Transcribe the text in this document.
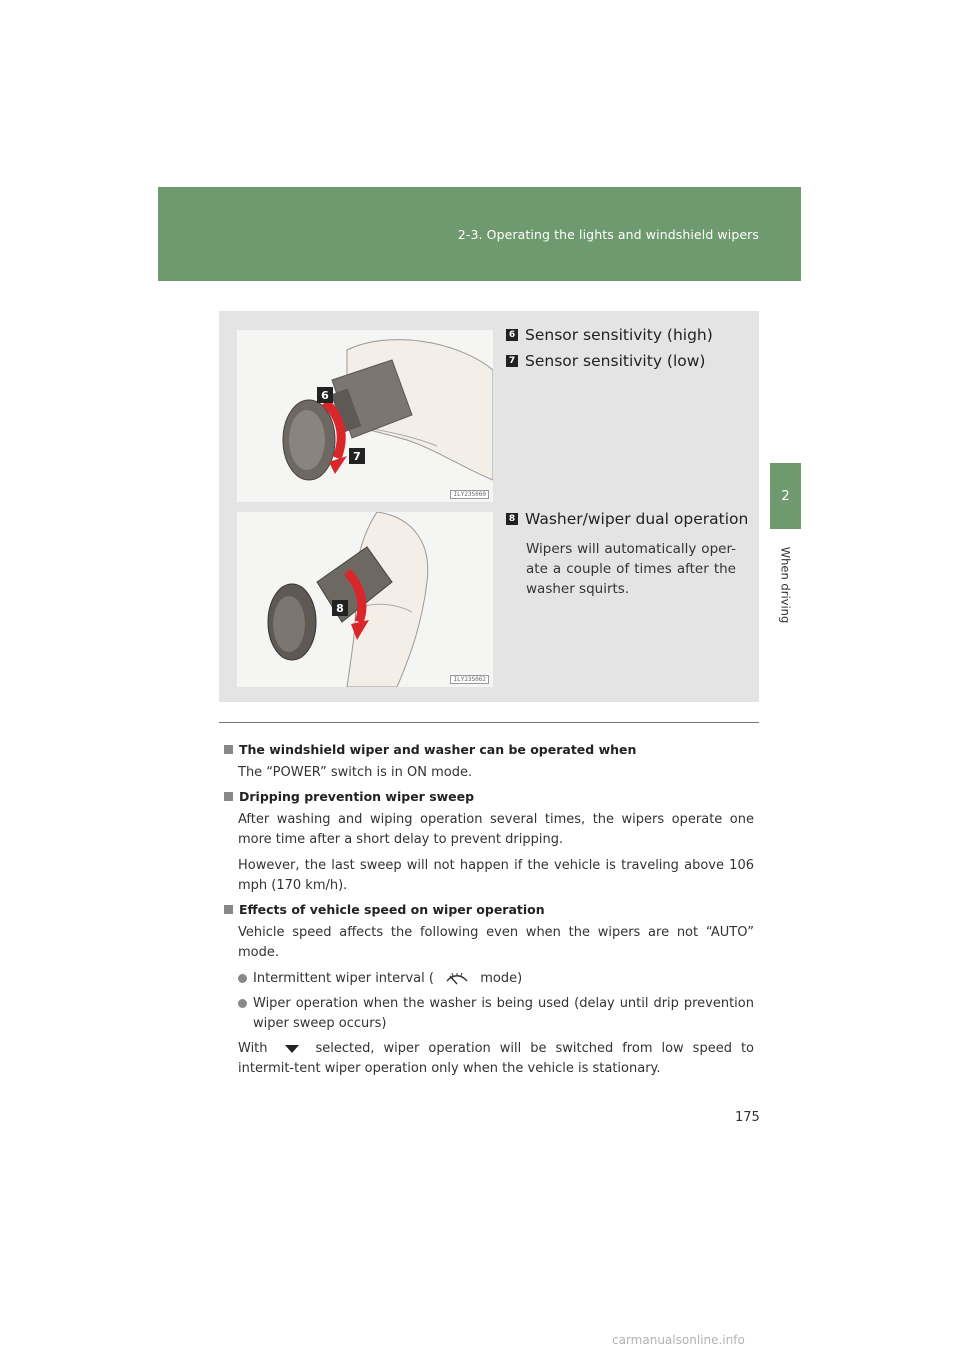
2-3. Operating the lights and windshield wipers
2
When driving
6
7
ILY23S060
8
ILY23S062
6 Sensor sensitivity (high)
7 Sensor sensitivity (low)
8 Washer/wiper dual operation
Wipers will automatically oper-ate a couple of times after the washer squirts.
The windshield wiper and washer can be operated when
The “POWER” switch is in ON mode.
Dripping prevention wiper sweep
After washing and wiping operation several times, the wipers operate one more time after a short delay to prevent dripping.
However, the last sweep will not happen if the vehicle is traveling above 106 mph (170 km/h).
Effects of vehicle speed on wiper operation
Vehicle speed affects the following even when the wipers are not “AUTO” mode.
Intermittent wiper interval (	mode)
Wiper operation when the washer is being used (delay until drip prevention wiper sweep occurs)
With	selected, wiper operation will be switched from low speed to intermit-tent wiper operation only when the vehicle is stationary.
175
carmanualsonline.info
